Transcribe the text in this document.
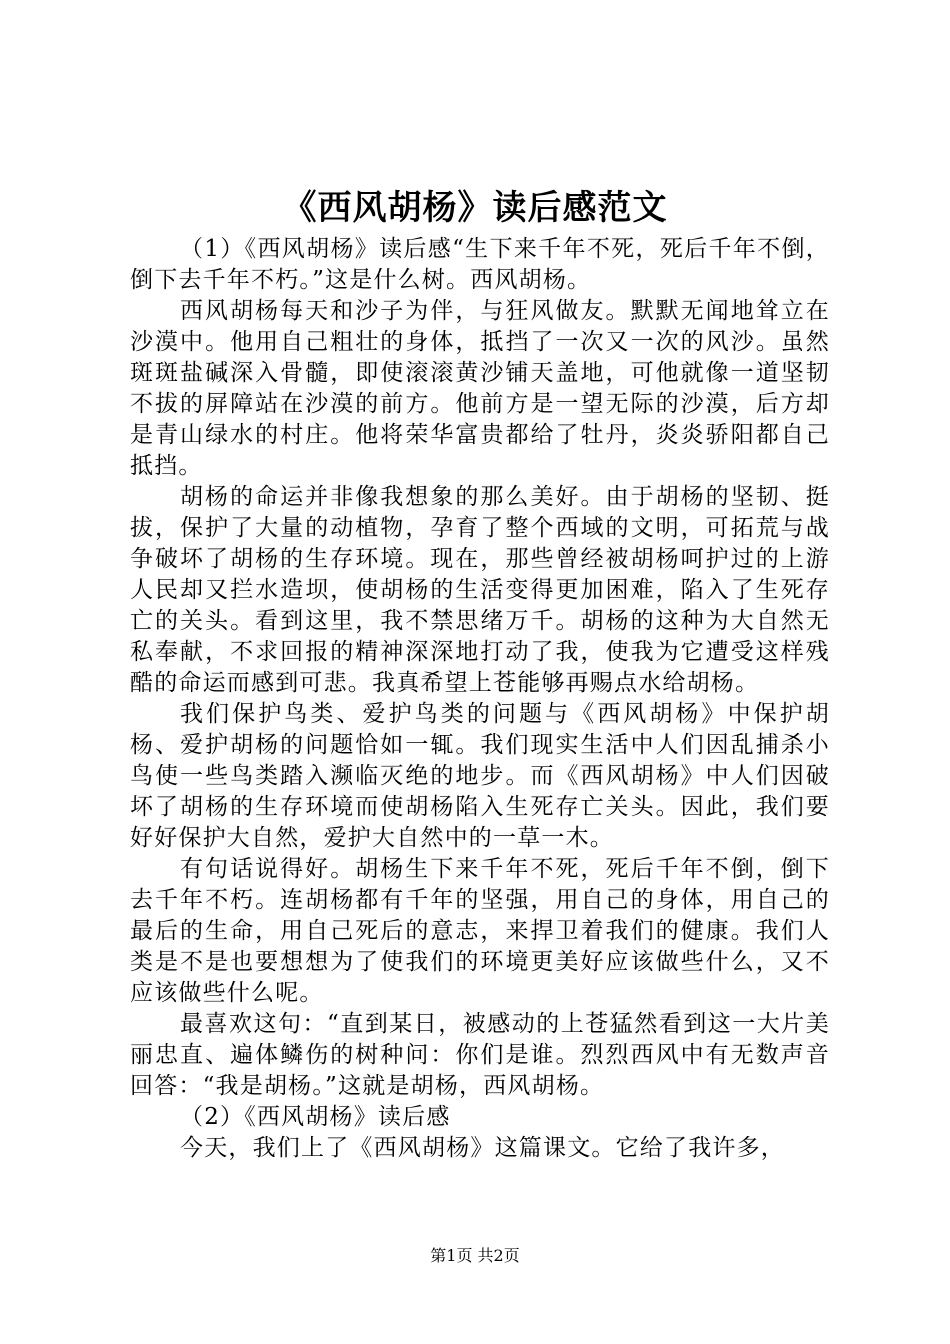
《西风胡杨》读后感范文

（1）《西风胡杨》读后感“生下来千年不死，死后千年不倒，倒下去千年不朽。”这是什么树。西风胡杨。

西风胡杨每天和沙子为伴，与狂风做友。默默无闻地耸立在沙漠中。他用自己粗壮的身体，抵挡了一次又一次的风沙。虽然斑斑盐碱深入骨髓，即使滚滚黄沙铺天盖地，可他就像一道坚韧不拔的屏障站在沙漠的前方。他前方是一望无际的沙漠，后方却是青山绿水的村庄。他将荣华富贵都给了牡丹，炎炎骄阳都自己抵挡。

胡杨的命运并非像我想象的那么美好。由于胡杨的坚韧、挺拔，保护了大量的动植物，孕育了整个西域的文明，可拓荒与战争破坏了胡杨的生存环境。现在，那些曾经被胡杨呵护过的上游人民却又拦水造坝，使胡杨的生活变得更加困难，陷入了生死存亡的关头。看到这里，我不禁思绪万千。胡杨的这种为大自然无私奉献，不求回报的精神深深地打动了我，使我为它遭受这样残酷的命运而感到可悲。我真希望上苍能够再赐点水给胡杨。

我们保护鸟类、爱护鸟类的问题与《西风胡杨》中保护胡杨、爱护胡杨的问题恰如一辄。我们现实生活中人们因乱捕杀小鸟使一些鸟类踏入濒临灭绝的地步。而《西风胡杨》中人们因破坏了胡杨的生存环境而使胡杨陷入生死存亡关头。因此，我们要好好保护大自然，爱护大自然中的一草一木。

有句话说得好。胡杨生下来千年不死，死后千年不倒，倒下去千年不朽。连胡杨都有千年的坚强，用自己的身体，用自己的最后的生命，用自己死后的意志，来捍卫着我们的健康。我们人类是不是也要想想为了使我们的环境更美好应该做些什么，又不应该做些什么呢。

最喜欢这句：“直到某日，被感动的上苍猛然看到这一大片美丽忠直、遍体鳞伤的树种问：你们是谁。烈烈西风中有无数声音回答：“我是胡杨。”这就是胡杨，西风胡杨。

（2）《西风胡杨》读后感

今天，我们上了《西风胡杨》这篇课文。它给了我许多，

第1页 共2页
